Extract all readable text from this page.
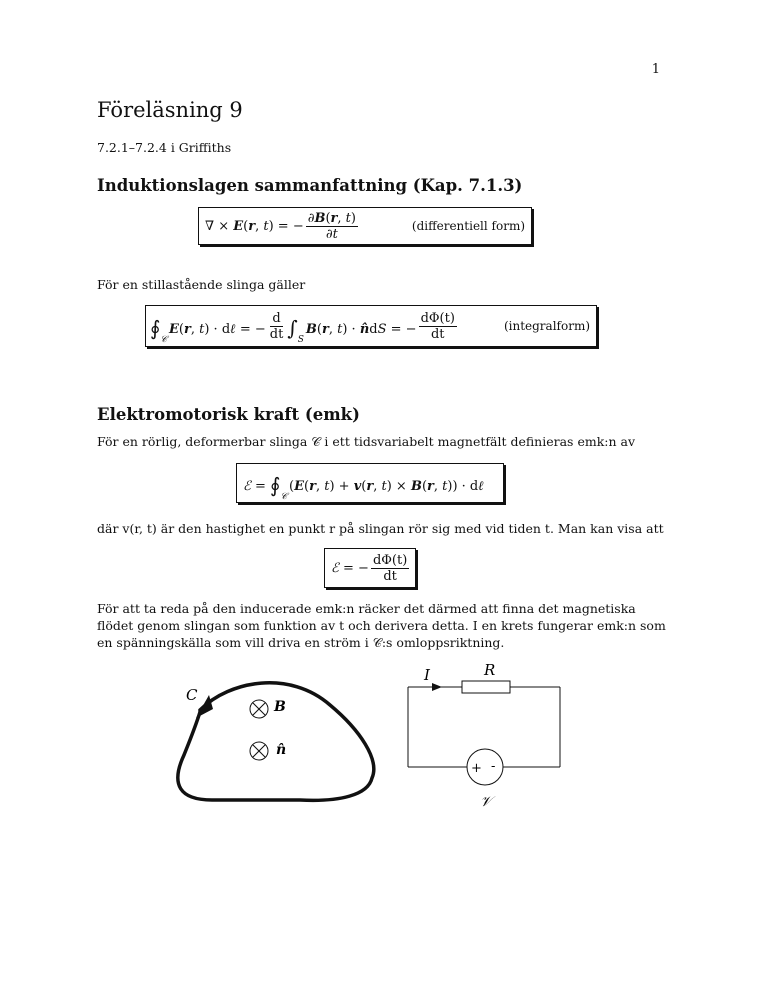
1
Föreläsning 9
7.2.1–7.2.4 i Griffiths
Induktionslagen sammanfattning (Kap. 7.1.3)
∇ × E(r, t) = − $\frac{\partial B(r, t)}{\partial t}$	(differentiell form)
För en stillastående slinga gäller
$∮_𝒞E(r$, t) · dℓ = − $\frac{d}{dt} \int_SB(r$, t) · n̂dS = − $\frac{d\Phi(t)}{dt}$	(integralform)
Elektromotorisk kraft (emk)
För en rörlig, deformerbar slinga 𝒞 i ett tidsvariabelt magnetfält definieras emk:n av
ℰ = $∮_𝒞(E(r$, t) + v(r, t) × B(r, t)) · dℓ
där v(r, t) är den hastighet en punkt r på slingan rör sig med vid tiden t. Man kan visa att
ℰ = − $\frac{d\Phi(t)}{dt}$
För att ta reda på den inducerade emk:n räcker det därmed att finna det magnetiska flödet genom slingan som funktion av t och derivera detta. I en krets fungerar emk:n som en spänningskälla som vill driva en ström i 𝒞:s omloppsriktning.
C
B
n̂
I	R
+ -
𝒱
